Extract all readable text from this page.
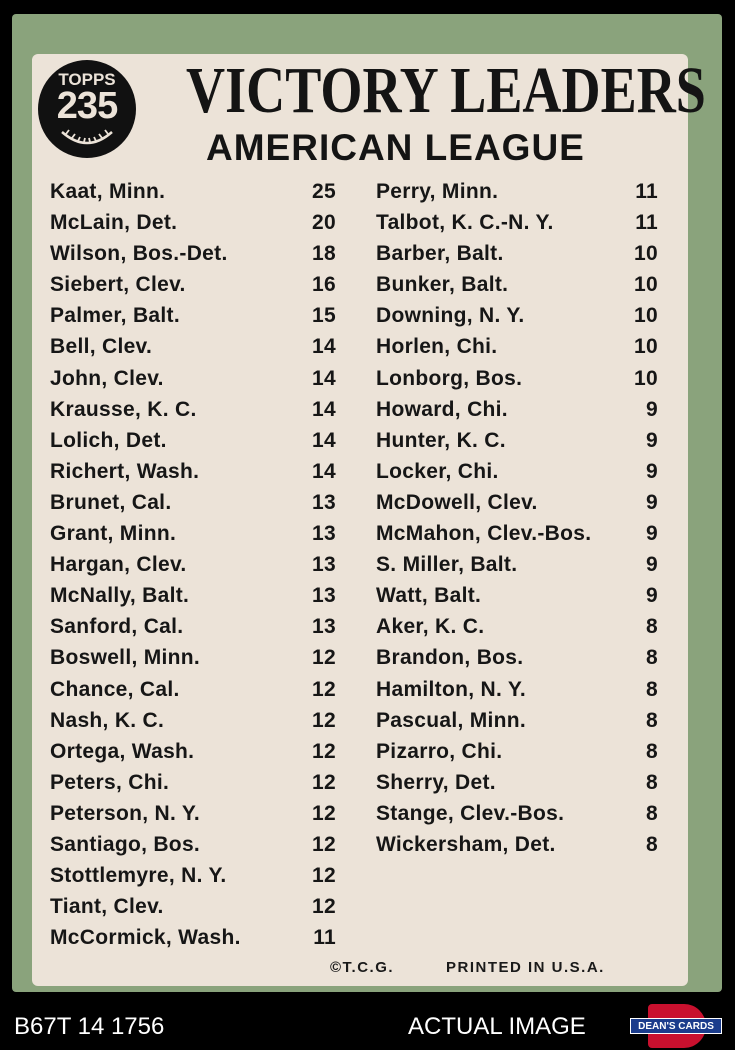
TOPPS
235 VICTORY LEADERS
AMERICAN LEAGUE
Kaat, Minn.	25
McLain, Det.	20
Wilson, Bos.-Det.	18
Siebert, Clev.	16
Palmer, Balt.	15
Bell, Clev.	14
John, Clev.	14
Krausse, K. C.	14
Lolich, Det.	14
Richert, Wash.	14
Brunet, Cal.	13
Grant, Minn.	13
Hargan, Clev.	13
McNally, Balt.	13
Sanford, Cal.	13
Boswell, Minn.	12
Chance, Cal.	12
Nash, K. C.	12
Ortega, Wash.	12
Peters, Chi.	12
Peterson, N. Y.	12
Santiago, Bos.	12
Stottlemyre, N. Y.	12
Tiant, Clev.	12
McCormick, Wash.	11
Perry, Minn.	11
Talbot, K. C.-N. Y.	11
Barber, Balt.	10
Bunker, Balt.	10
Downing, N. Y.	10
Horlen, Chi.	10
Lonborg, Bos.	10
Howard, Chi.	9
Hunter, K. C.	9
Locker, Chi.	9
McDowell, Clev.	9
McMahon, Clev.-Bos.	9
S. Miller, Balt.	9
Watt, Balt.	9
Aker, K. C.	8
Brandon, Bos.	8
Hamilton, N. Y.	8
Pascual, Minn.	8
Pizarro, Chi.	8
Sherry, Det.	8
Stange, Clev.-Bos.	8
Wickersham, Det.	8
©T.C.G.	PRINTED IN U.S.A.
B67T 14 1756	ACTUAL IMAGE	DEAN'S CARDS
